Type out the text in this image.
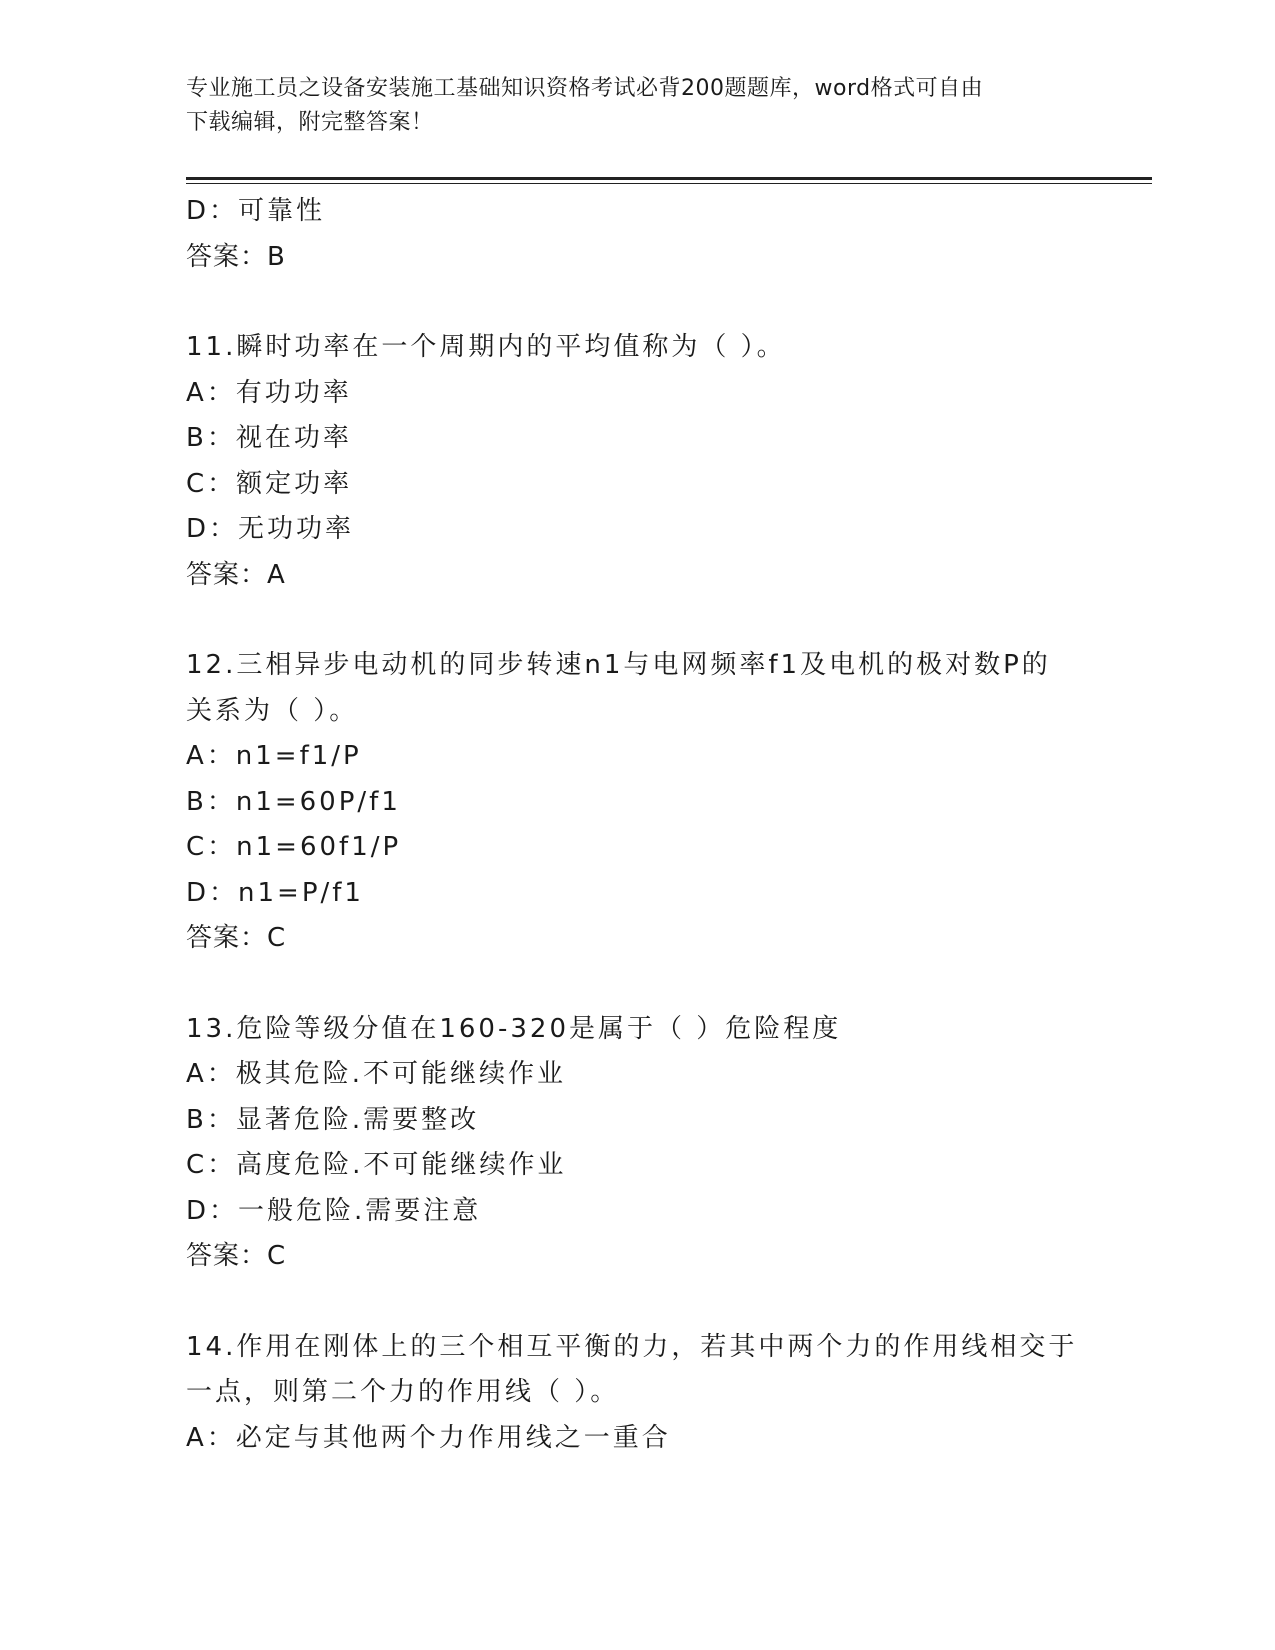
专业施工员之设备安装施工基础知识资格考试必背200题题库，word格式可自由
下载编辑，附完整答案！
D：可靠性
答案：B
11.瞬时功率在一个周期内的平均值称为（ ）。
A：有功功率
B：视在功率
C：额定功率
D：无功功率
答案：A
12.三相异步电动机的同步转速n1与电网频率f1及电机的极对数P的
关系为（ ）。
A：n1=f1/P
B：n1=60P/f1
C：n1=60f1/P
D：n1=P/f1
答案：C
13.危险等级分值在160-320是属于（ ）危险程度
A：极其危险.不可能继续作业
B：显著危险.需要整改
C：高度危险.不可能继续作业
D：一般危险.需要注意
答案：C
14.作用在刚体上的三个相互平衡的力，若其中两个力的作用线相交于
一点，则第二个力的作用线（ ）。
A：必定与其他两个力作用线之一重合
